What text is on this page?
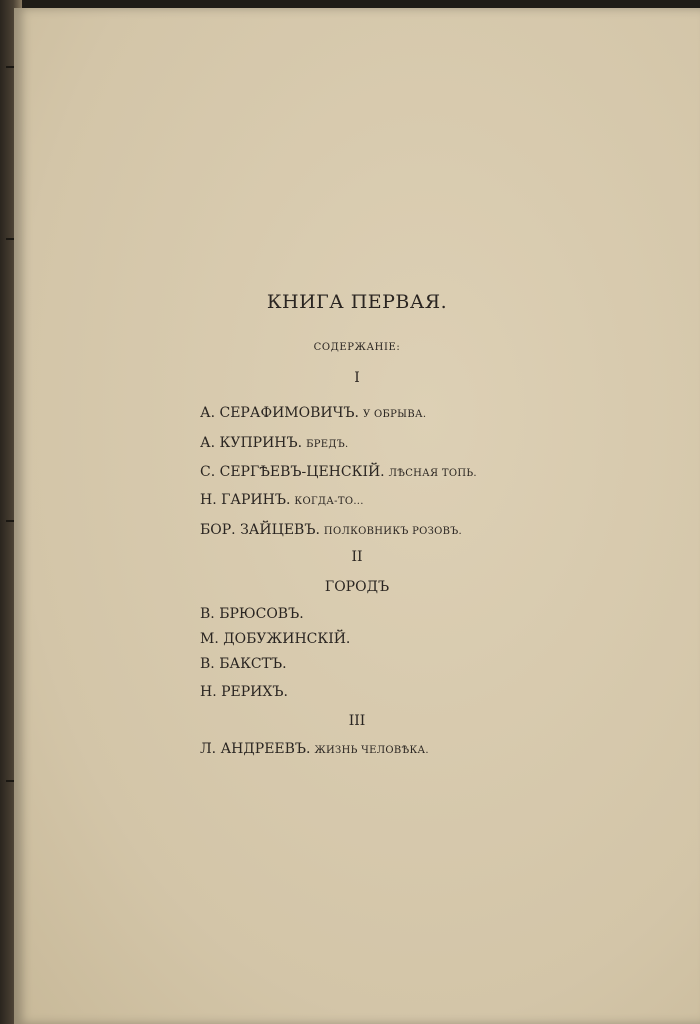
КНИГА ПЕРВАЯ.
СОДЕРЖАНІЕ:
I
А. СЕРАФИМОВИЧЪ. У ОБРЫВА.
А. КУПРИНЪ. БРЕДЪ.
С. СЕРГѢЕВЪ-ЦЕНСКІЙ. ЛѢСНАЯ ТОПЬ.
Н. ГАРИНЪ. КОГДА-ТО...
БОР. ЗАЙЦЕВЪ. ПОЛКОВНИКЪ РОЗОВЪ.
II
ГОРОДЪ
В. БРЮСОВЪ.
М. ДОБУЖИНСКІЙ.
В. БАКСТЪ.
Н. РЕРИХЪ.
III
Л. АНДРЕЕВЪ. ЖИЗНЬ ЧЕЛОВѢКА.
